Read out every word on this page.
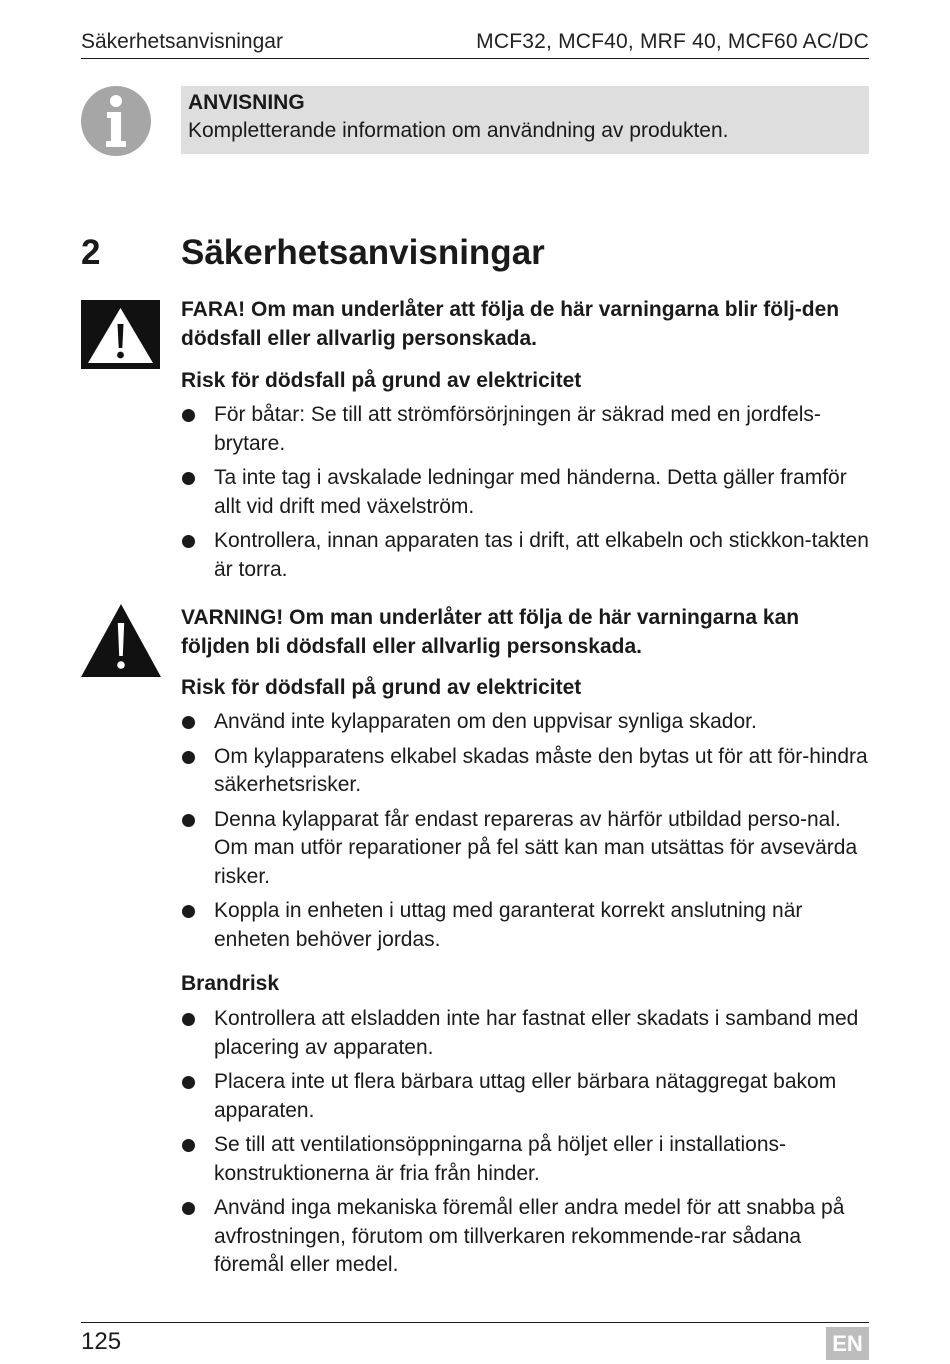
Säkerhetsanvisningar	MCF32, MCF40, MRF 40, MCF60 AC/DC
ANVISNING
Kompletterande information om användning av produkten.
2 Säkerhetsanvisningar
FARA! Om man underlåter att följa de här varningarna blir följ-den dödsfall eller allvarlig personskada.
Risk för dödsfall på grund av elektricitet
För båtar: Se till att strömförsörjningen är säkrad med en jordfels-brytare.
Ta inte tag i avskalade ledningar med händerna. Detta gäller framför allt vid drift med växelström.
Kontrollera, innan apparaten tas i drift, att elkabeln och stickkon-takten är torra.
VARNING! Om man underlåter att följa de här varningarna kan följden bli dödsfall eller allvarlig personskada.
Risk för dödsfall på grund av elektricitet
Använd inte kylapparaten om den uppvisar synliga skador.
Om kylapparatens elkabel skadas måste den bytas ut för att för-hindra säkerhetsrisker.
Denna kylapparat får endast repareras av härför utbildad perso-nal. Om man utför reparationer på fel sätt kan man utsättas för avsevärda risker.
Koppla in enheten i uttag med garanterat korrekt anslutning när enheten behöver jordas.
Brandrisk
Kontrollera att elsladden inte har fastnat eller skadats i samband med placering av apparaten.
Placera inte ut flera bärbara uttag eller bärbara nätaggregat bakom apparaten.
Se till att ventilationsöppningarna på höljet eller i installations-konstruktionerna är fria från hinder.
Använd inga mekaniska föremål eller andra medel för att snabba på avfrostningen, förutom om tillverkaren rekommende-rar sådana föremål eller medel.
125	EN
